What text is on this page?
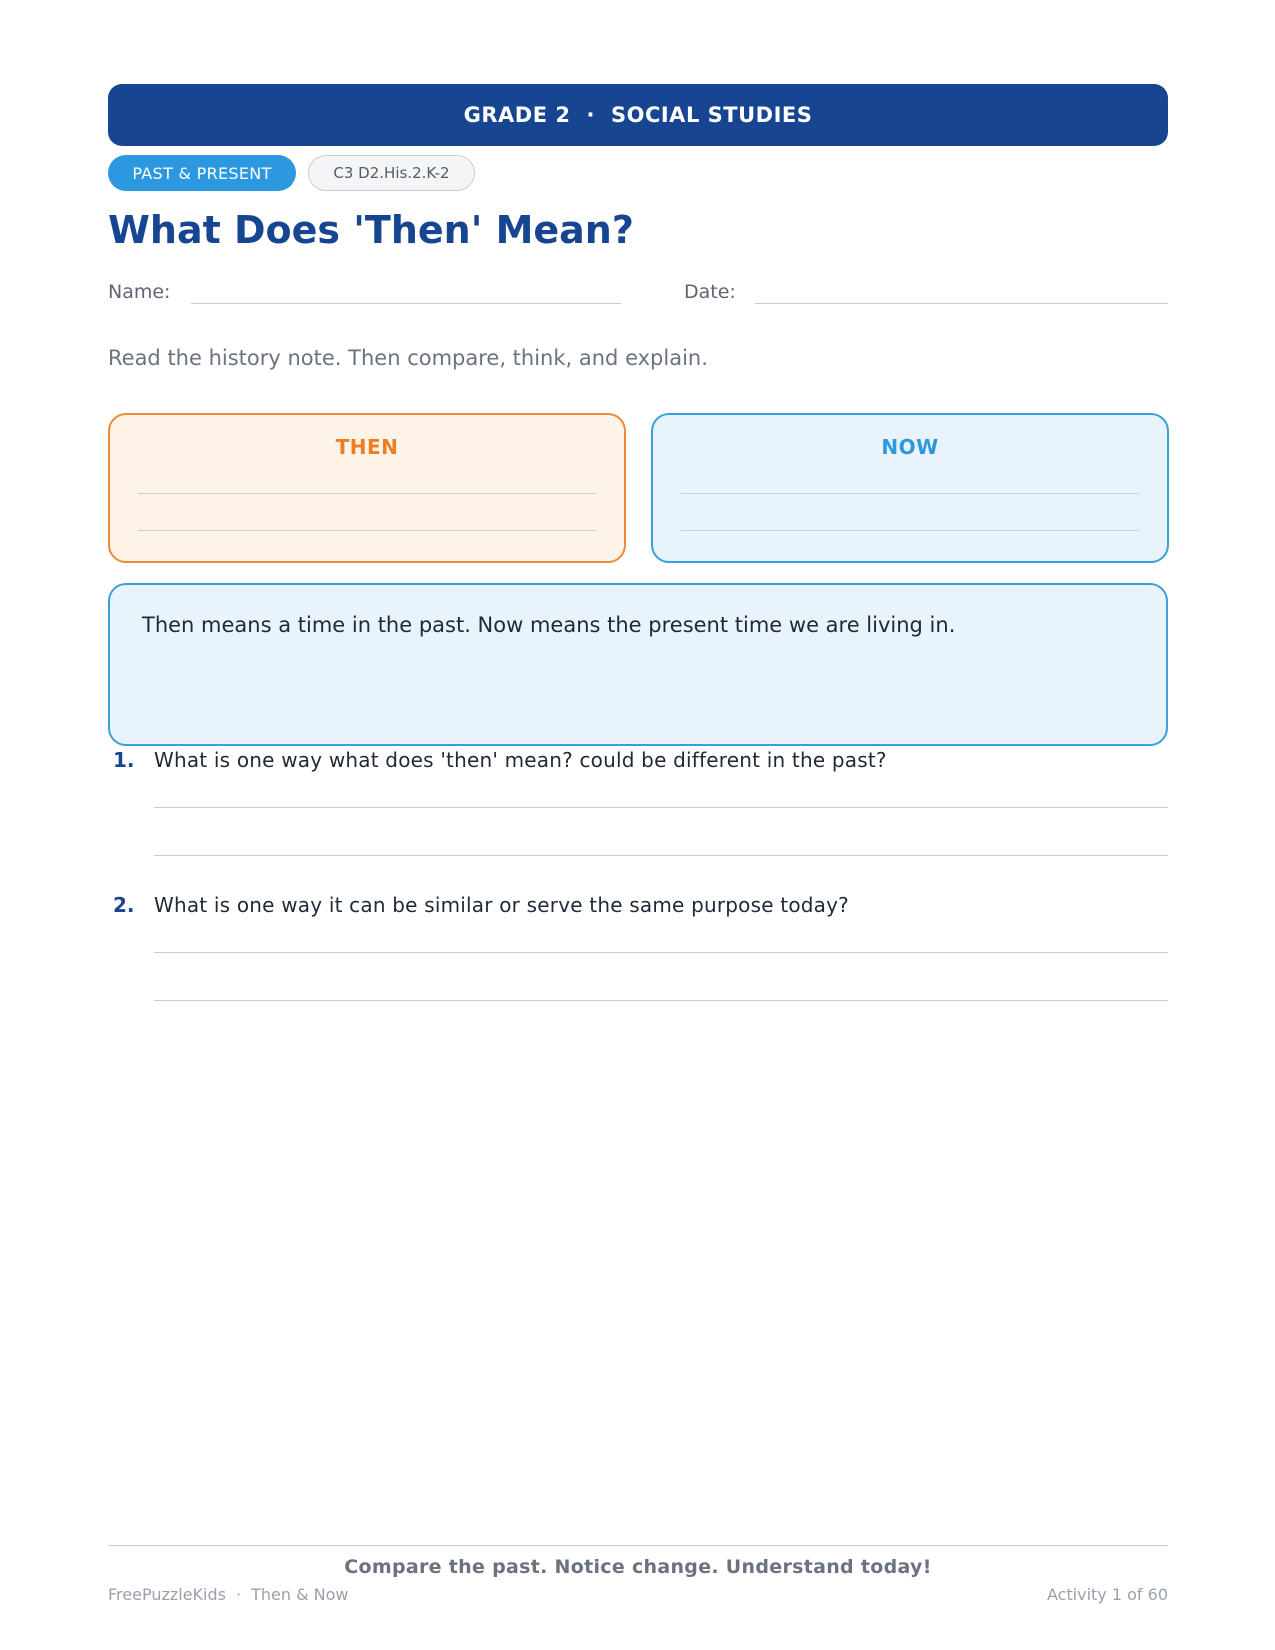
GRADE 2 · SOCIAL STUDIES
PAST & PRESENT	C3 D2.His.2.K-2
What Does 'Then' Mean?
Name:	Date:
Read the history note. Then compare, think, and explain.
THEN	NOW
Then means a time in the past. Now means the present time we are living in.
1. What is one way what does 'then' mean? could be different in the past?
2. What is one way it can be similar or serve the same purpose today?
Compare the past. Notice change. Understand today!
FreePuzzleKids · Then & Now	Activity 1 of 60
